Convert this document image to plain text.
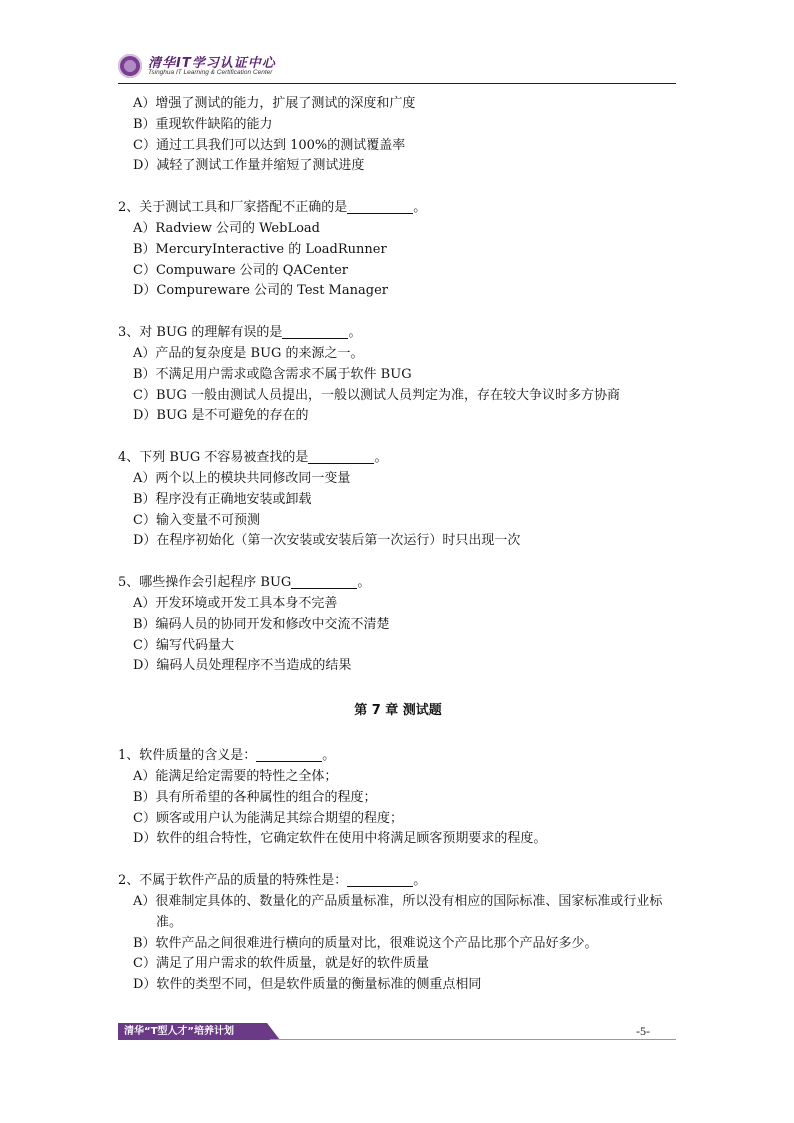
清华IT学习认证中心
Tsinghua IT Learning & Certification Center

A）增强了测试的能力，扩展了测试的深度和广度

B）重现软件缺陷的能力

C）通过工具我们可以达到 100%的测试覆盖率

D）减轻了测试工作量并缩短了测试进度

2、关于测试工具和厂家搭配不正确的是	。

A）Radview 公司的 WebLoad

B）MercuryInteractive 的 LoadRunner

C）Compuware 公司的 QACenter

D）Compureware 公司的 Test Manager

3、对 BUG 的理解有误的是	。

A）产品的复杂度是 BUG 的来源之一。

B）不满足用户需求或隐含需求不属于软件 BUG

C）BUG 一般由测试人员提出，一般以测试人员判定为准，存在较大争议时多方协商

D）BUG 是不可避免的存在的

4、下列 BUG 不容易被查找的是	。

A）两个以上的模块共同修改同一变量

B）程序没有正确地安装或卸载

C）输入变量不可预测

D）在程序初始化（第一次安装或安装后第一次运行）时只出现一次

5、哪些操作会引起程序 BUG	。

A）开发环境或开发工具本身不完善

B）编码人员的协同开发和修改中交流不清楚

C）编写代码量大

D）编码人员处理程序不当造成的结果

第 7 章 测试题

1、软件质量的含义是：	。

A）能满足给定需要的特性之全体；

B）具有所希望的各种属性的组合的程度；

C）顾客或用户认为能满足其综合期望的程度；

D）软件的组合特性，它确定软件在使用中将满足顾客预期要求的程度。

2、不属于软件产品的质量的特殊性是：	。

A）很难制定具体的、数量化的产品质量标准，所以没有相应的国际标准、国家标准或行业标准。

B）软件产品之间很难进行横向的质量对比，很难说这个产品比那个产品好多少。

C）满足了用户需求的软件质量，就是好的软件质量

D）软件的类型不同，但是软件质量的衡量标准的侧重点相同

清华“T型人才”培养计划	-5-
